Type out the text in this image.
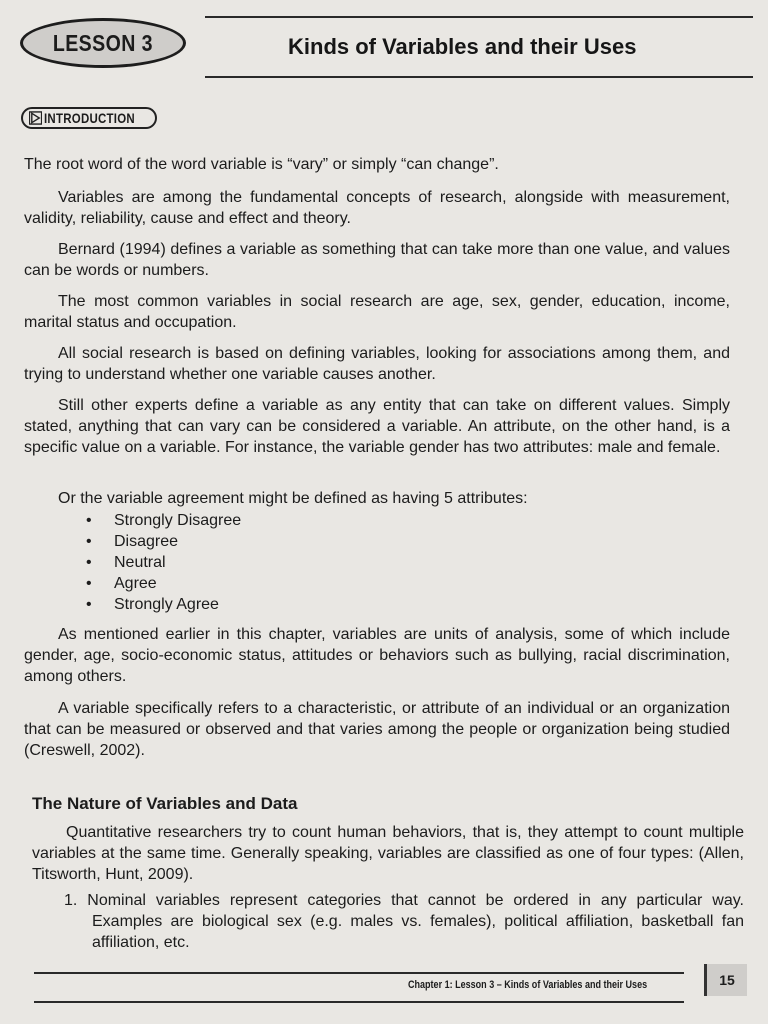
LESSON 3	Kinds of Variables and their Uses
INTRODUCTION

The root word of the word variable is “vary” or simply “can change”.

Variables are among the fundamental concepts of research, alongside with measurement, validity, reliability, cause and effect and theory.

Bernard (1994) defines a variable as something that can take more than one value, and values can be words or numbers.

The most common variables in social research are age, sex, gender, education, income, marital status and occupation.

All social research is based on defining variables, looking for associations among them, and trying to understand whether one variable causes another.

Still other experts define a variable as any entity that can take on different values. Simply stated, anything that can vary can be considered a variable. An attribute, on the other hand, is a specific value on a variable. For instance, the variable gender has two attributes: male and female.

Or the variable agreement might be defined as having 5 attributes:

• Strongly Disagree
• Disagree
• Neutral
• Agree
• Strongly Agree

As mentioned earlier in this chapter, variables are units of analysis, some of which include gender, age, socio-economic status, attitudes or behaviors such as bullying, racial discrimination, among others.

A variable specifically refers to a characteristic, or attribute of an individual or an organization that can be measured or observed and that varies among the people or organization being studied (Creswell, 2002).

The Nature of Variables and Data

Quantitative researchers try to count human behaviors, that is, they attempt to count multiple variables at the same time. Generally speaking, variables are classified as one of four types: (Allen, Titsworth, Hunt, 2009).

1. Nominal variables represent categories that cannot be ordered in any particular way. Examples are biological sex (e.g. males vs. females), political affiliation, basketball fan affiliation, etc.

Chapter 1: Lesson 3 – Kinds of Variables and their Uses	15
